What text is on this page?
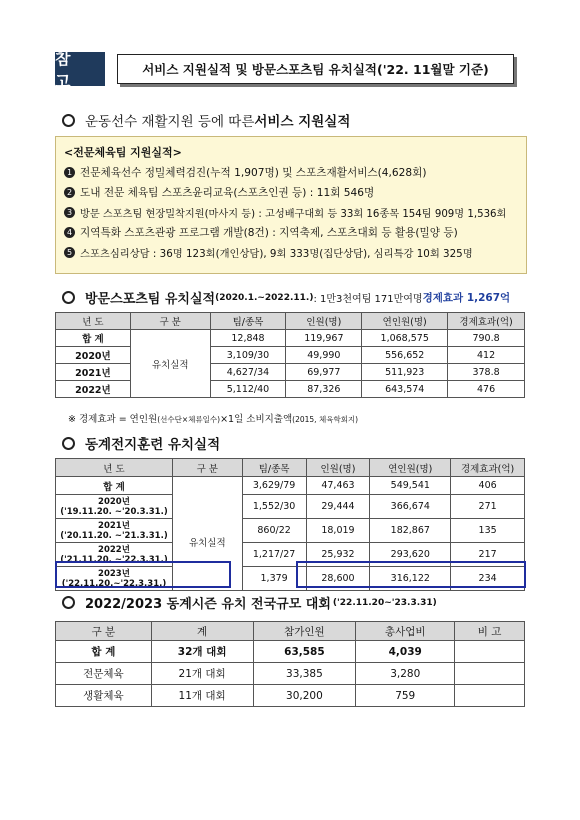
참 고
서비스 지원실적 및 방문스포츠팀 유치실적('22. 11월말 기준)
운동선수 재활지원 등에 따른 서비스 지원실적
<전문체육팀 지원실적>
1 전문체육선수 정밀체력검진(누적 1,907명) 및 스포츠재활서비스(4,628회)
2 도내 전문 체육팀 스포츠윤리교육(스포츠인권 등) : 11회 546명
3 방문 스포츠팀 현장밀착지원(마사지 등) : 고성배구대회 등 33회 16종목 154팀 909명 1,536회
4 지역특화 스포츠관광 프로그램 개발(8건) : 지역축제, 스포츠대회 등 활용(밀양 등)
5 스포츠심리상담 : 36명 123회(개인상담), 9회 333명(집단상담), 심리특강 10회 325명
방문스포츠팀 유치실적 (2020.1.~2022.11.) : 1만3천여팀 171만여명 경제효과 1,267억
년 도	구 분	팀/종목	인원(명)	연인원(명)	경제효과(억)
합 계	유치실적	12,848	119,967	1,068,575	790.8
2020년		3,109/30	49,990	556,652	412
2021년		4,627/34	69,977	511,923	378.8
2022년		5,112/40	87,326	643,574	476
※ 경제효과 = 연인원(선수단×체류일수)×1일 소비지출액(2015, 체육학회지)
동계전지훈련 유치실적
년 도	구 분	팀/종목	인원(명)	연인원(명)	경제효과(억)
합 계		3,629/79	47,463	549,541	406
2020년
('19.11.20. ~'20.3.31.)	유치실적	1,552/30	29,444	366,674	271
2021년
('20.11.20. ~'21.3.31.)		860/22	18,019	182,867	135
2022년
('21.11.20. ~'22.3.31.)		1,217/27	25,932	293,620	217
2023년
('22.11.20.~'22.3.31.)		1,379	28,600	316,122	234
2022/2023 동계시즌 유치 전국규모 대회 ('22.11.20~'23.3.31)
구 분	계	참가인원	총사업비	비 고
합 계	32개 대회	63,585	4,039	
전문체육	21개 대회	33,385	3,280	
생활체육	11개 대회	30,200	759	
